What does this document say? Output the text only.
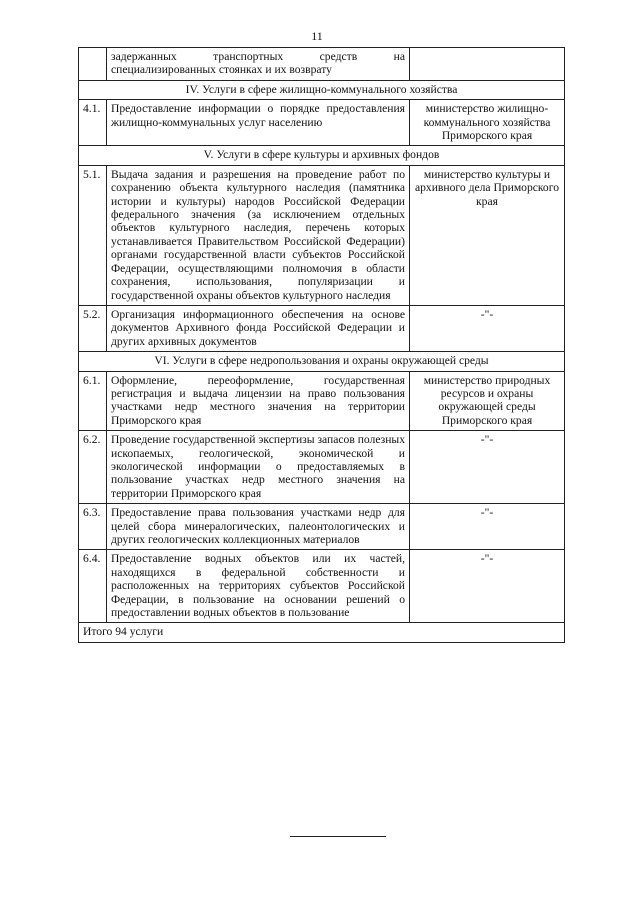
11
	задержанных транспортных средств на специализированных стоянках и их возврату	
IV. Услуги в сфере жилищно-коммунального хозяйства		
4.1.	Предоставление информации о порядке предоставления жилищно-коммунальных услуг населению	министерство жилищно-коммунального хозяйства Приморского края
V. Услуги в сфере культуры и архивных фондов		
5.1.	Выдача задания и разрешения на проведение работ по сохранению объекта культурного наследия (памятника истории и культуры) народов Российской Федерации федерального значения (за исключением отдельных объектов культурного наследия, перечень которых устанавливается Правительством Российской Федерации) органами государственной власти субъектов Российской Федерации, осуществляющими полномочия в области сохранения, использования, популяризации и государственной охраны объектов культурного наследия	министерство культуры и архивного дела Приморского края
5.2.	Организация информационного обеспечения на основе документов Архивного фонда Российской Федерации и других архивных документов	-"-
VI. Услуги в сфере недропользования и охраны окружающей среды		
6.1.	Оформление, переоформление, государственная регистрация и выдача лицензии на право пользования участками недр местного значения на территории Приморского края	министерство природных ресурсов и охраны окружающей среды Приморского края
6.2.	Проведение государственной экспертизы запасов полезных ископаемых, геологической, экономической и экологической информации о предоставляемых в пользование участках недр местного значения на территории Приморского края	-"-
6.3.	Предоставление права пользования участками недр для целей сбора минералогических, палеонтологических и других геологических коллекционных материалов	-"-
6.4.	Предоставление водных объектов или их частей, находящихся в федеральной собственности и расположенных на территориях субъектов Российской Федерации, в пользование на основании решений о предоставлении водных объектов в пользование	-"-
Итого 94 услуги		
